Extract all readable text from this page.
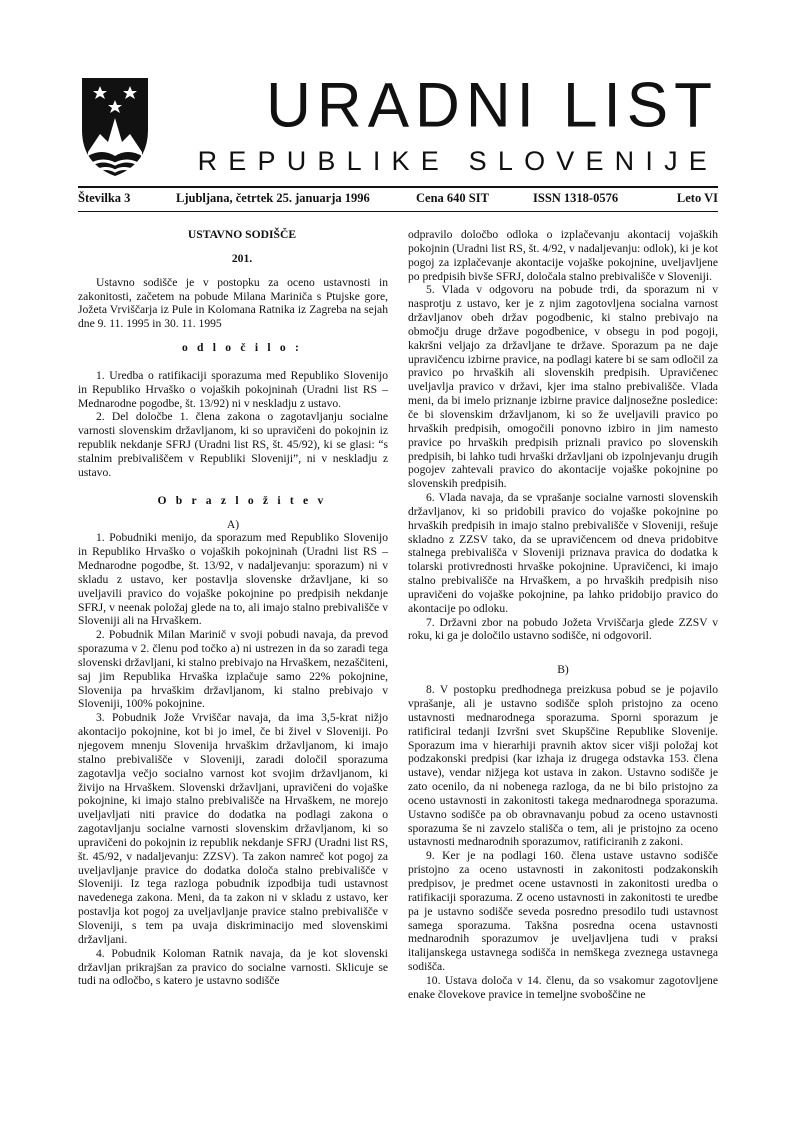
URADNI LIST
REPUBLIKE SLOVENIJE
Številka 3	Ljubljana, četrtek 25. januarja 1996	Cena 640 SIT	ISSN 1318-0576	Leto VI

USTAVNO SODIŠČE

201.

Ustavno sodišče je v postopku za oceno ustavnosti in zakonitosti, začetem na pobude Milana Mariniča s Ptujske gore, Jožeta Vrviščarja iz Pule in Kolomana Ratnika iz Zagreba na sejah dne 9. 11. 1995 in 30. 11. 1995

o d l o č i l o :

1. Uredba o ratifikaciji sporazuma med Republiko Slovenijo in Republiko Hrvaško o vojaških pokojninah (Uradni list RS – Mednarodne pogodbe, št. 13/92) ni v neskladju z ustavo.

2. Del določbe 1. člena zakona o zagotavljanju socialne varnosti slovenskim državljanom, ki so upravičeni do pokojnin iz republik nekdanje SFRJ (Uradni list RS, št. 45/92), ki se glasi: “s stalnim prebivališčem v Republiki Sloveniji”, ni v neskladju z ustavo.

O b r a z l o ž i t e v

A)

1. Pobudniki menijo, da sporazum med Republiko Slovenijo in Republiko Hrvaško o vojaških pokojninah (Uradni list RS – Mednarodne pogodbe, št. 13/92, v nadaljevanju: sporazum) ni v skladu z ustavo, ker postavlja slovenske državljane, ki so uveljavili pravico do vojaške pokojnine po predpisih nekdanje SFRJ, v neenak položaj glede na to, ali imajo stalno prebivališče v Sloveniji ali na Hrvaškem.

2. Pobudnik Milan Marinič v svoji pobudi navaja, da prevod sporazuma v 2. členu pod točko a) ni ustrezen in da so zaradi tega slovenski državljani, ki stalno prebivajo na Hrvaškem, nezaščiteni, saj jim Republika Hrvaška izplačuje samo 22% pokojnine, Slovenija pa hrvaškim državljanom, ki stalno prebivajo v Sloveniji, 100% pokojnine.

3. Pobudnik Jože Vrviščar navaja, da ima 3,5-krat nižjo akontacijo pokojnine, kot bi jo imel, če bi živel v Sloveniji. Po njegovem mnenju Slovenija hrvaškim državljanom, ki imajo stalno prebivališče v Sloveniji, zaradi določil sporazuma zagotavlja večjo socialno varnost kot svojim državljanom, ki živijo na Hrvaškem. Slovenski državljani, upravičeni do vojaške pokojnine, ki imajo stalno prebivališče na Hrvaškem, ne morejo uveljavljati niti pravice do dodatka na podlagi zakona o zagotavljanju socialne varnosti slovenskim državljanom, ki so upravičeni do pokojnin iz republik nekdanje SFRJ (Uradni list RS, št. 45/92, v nadaljevanju: ZZSV). Ta zakon namreč kot pogoj za uveljavljanje pravice do dodatka določa stalno prebivališče v Sloveniji. Iz tega razloga pobudnik izpodbija tudi ustavnost navedenega zakona. Meni, da ta zakon ni v skladu z ustavo, ker postavlja kot pogoj za uveljavljanje pravice stalno prebivališče v Sloveniji, s tem pa uvaja diskriminacijo med slovenskimi državljani.

4. Pobudnik Koloman Ratnik navaja, da je kot slovenski državljan prikrajšan za pravico do socialne varnosti. Sklicuje se tudi na odločbo, s katero je ustavno sodišče

odpravilo določbo odloka o izplačevanju akontacij vojaških pokojnin (Uradni list RS, št. 4/92, v nadaljevanju: odlok), ki je kot pogoj za izplačevanje akontacije vojaške pokojnine, uveljavljene po predpisih bivše SFRJ, določala stalno prebivališče v Sloveniji.

5. Vlada v odgovoru na pobude trdi, da sporazum ni v nasprotju z ustavo, ker je z njim zagotovljena socialna varnost državljanov obeh držav pogodbenic, ki stalno prebivajo na območju druge države pogodbenice, v obsegu in pod pogoji, kakršni veljajo za državljane te države. Sporazum pa ne daje upravičencu izbirne pravice, na podlagi katere bi se sam odločil za pravico po hrvaških ali slovenskih predpisih. Upravičenec uveljavlja pravico v državi, kjer ima stalno prebivališče. Vlada meni, da bi imelo priznanje izbirne pravice daljnosežne posledice: če bi slovenskim državljanom, ki so že uveljavili pravico po hrvaških predpisih, omogočili ponovno izbiro in jim namesto pravice po hrvaških predpisih priznali pravico po slovenskih predpisih, bi lahko tudi hrvaški državljani ob izpolnjevanju drugih pogojev zahtevali pravico do akontacije vojaške pokojnine po slovenskih predpisih.

6. Vlada navaja, da se vprašanje socialne varnosti slovenskih državljanov, ki so pridobili pravico do vojaške pokojnine po hrvaških predpisih in imajo stalno prebivališče v Sloveniji, rešuje skladno z ZZSV tako, da se upravičencem od dneva pridobitve stalnega prebivališča v Sloveniji priznava pravica do dodatka k tolarski protivrednosti hrvaške pokojnine. Upravičenci, ki imajo stalno prebivališče na Hrvaškem, a po hrvaških predpisih niso upravičeni do vojaške pokojnine, pa lahko pridobijo pravico do akontacije po odloku.

7. Državni zbor na pobudo Jožeta Vrviščarja glede ZZSV v roku, ki ga je določilo ustavno sodišče, ni odgovoril.

B)

8. V postopku predhodnega preizkusa pobud se je pojavilo vprašanje, ali je ustavno sodišče sploh pristojno za oceno ustavnosti mednarodnega sporazuma. Sporni sporazum je ratificiral tedanji Izvršni svet Skupščine Republike Slovenije. Sporazum ima v hierarhiji pravnih aktov sicer višji položaj kot podzakonski predpisi (kar izhaja iz drugega odstavka 153. člena ustave), vendar nižjega kot ustava in zakon. Ustavno sodišče je zato ocenilo, da ni nobenega razloga, da ne bi bilo pristojno za oceno ustavnosti in zakonitosti takega mednarodnega sporazuma. Ustavno sodišče pa ob obravnavanju pobud za oceno ustavnosti sporazuma še ni zavzelo stališča o tem, ali je pristojno za oceno ustavnosti mednarodnih sporazumov, ratificiranih z zakoni.

9. Ker je na podlagi 160. člena ustave ustavno sodišče pristojno za oceno ustavnosti in zakonitosti podzakonskih predpisov, je predmet ocene ustavnosti in zakonitosti uredba o ratifikaciji sporazuma. Z oceno ustavnosti in zakonitosti te uredbe pa je ustavno sodišče seveda posredno presodilo tudi ustavnost samega sporazuma. Takšna posredna ocena ustavnosti mednarodnih sporazumov je uveljavljena tudi v praksi italijanskega ustavnega sodišča in nemškega zveznega ustavnega sodišča.

10. Ustava določa v 14. členu, da so vsakomur zagotovljene enake človekove pravice in temeljne svoboščine ne
